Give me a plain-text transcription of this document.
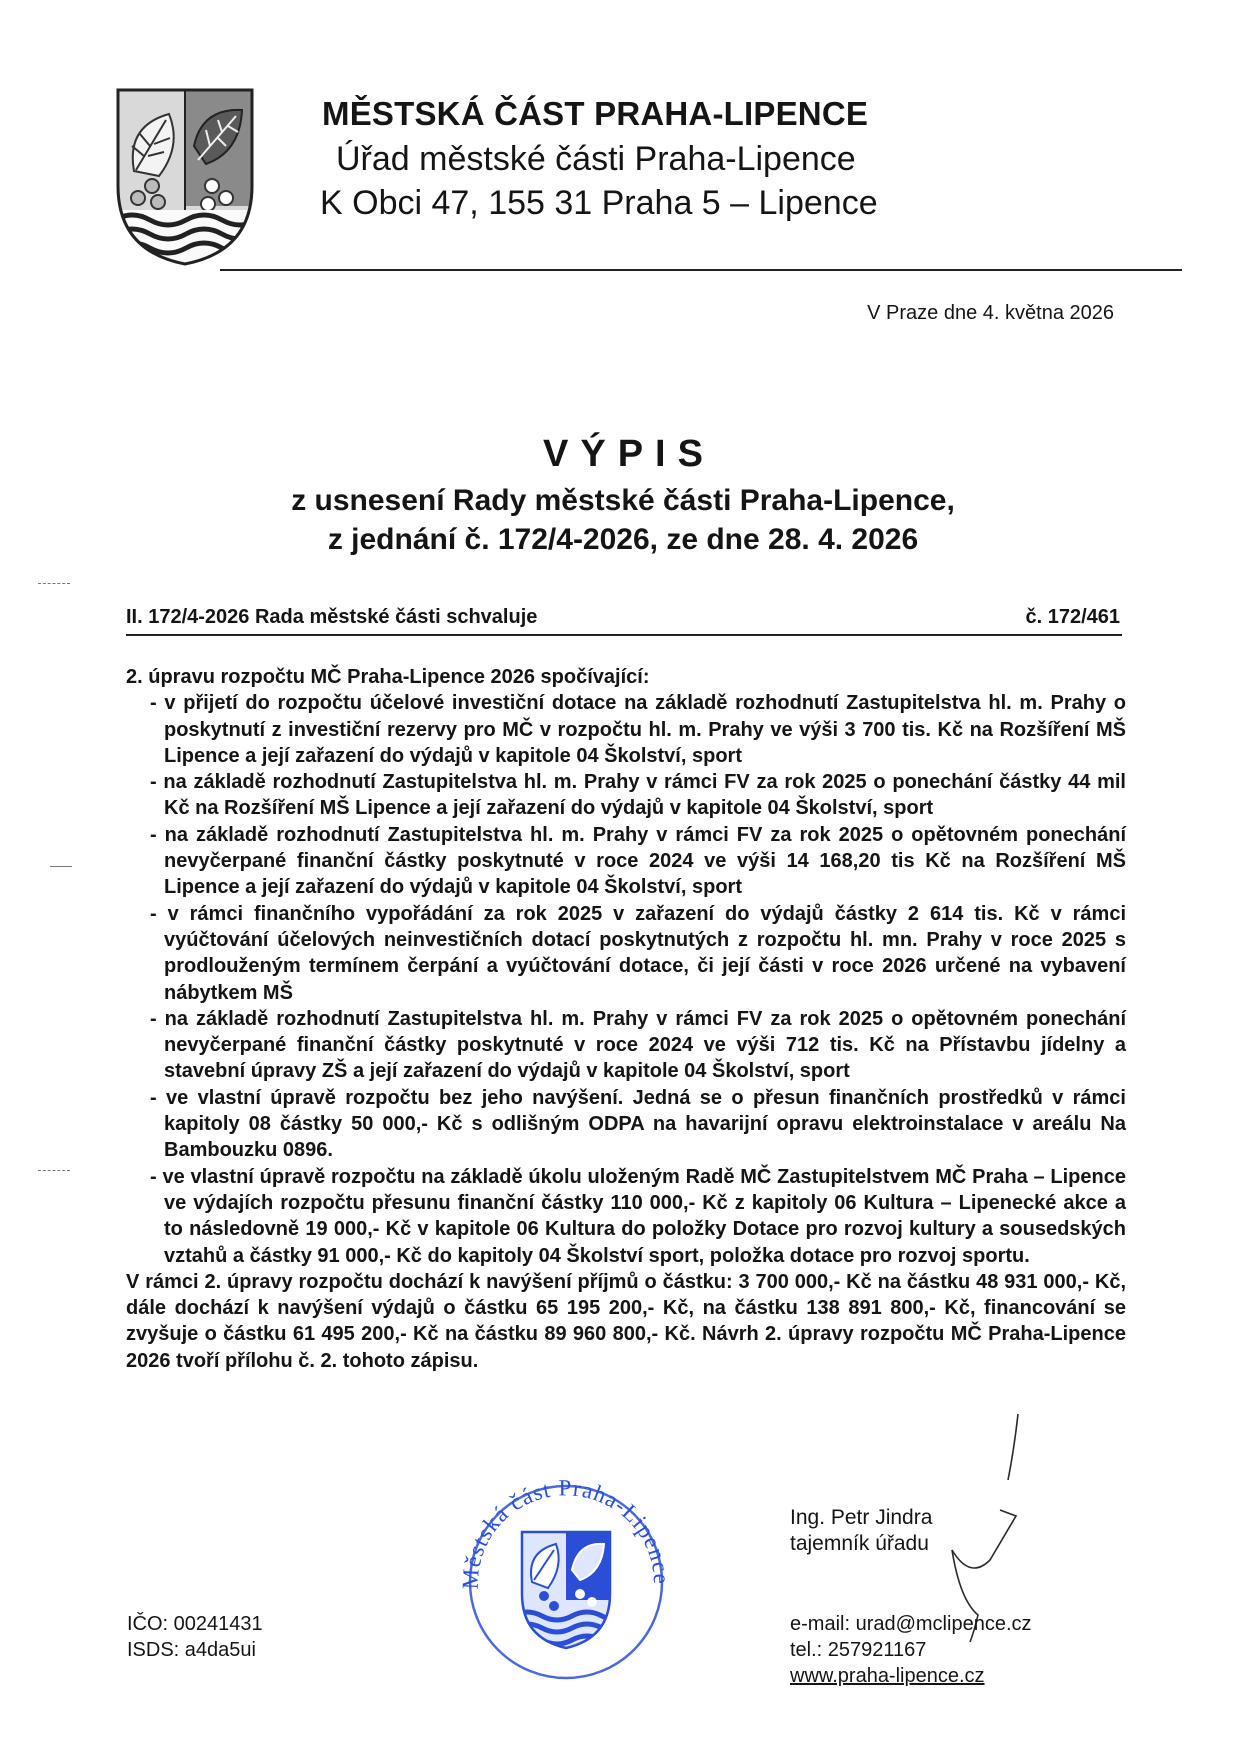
MĚSTSKÁ ČÁST PRAHA-LIPENCE
Úřad městské části Praha-Lipence
K Obci 47, 155 31 Praha 5 – Lipence
V Praze dne 4. května 2026
VÝPIS
z usnesení Rady městské části Praha-Lipence,
z jednání č. 172/4-2026, ze dne 28. 4. 2026
II. 172/4-2026 Rada městské části schvaluje	č. 172/461

2. úpravu rozpočtu MČ Praha-Lipence 2026 spočívající:

- v přijetí do rozpočtu účelové investiční dotace na základě rozhodnutí Zastupitelstva hl. m. Prahy o poskytnutí z investiční rezervy pro MČ v rozpočtu hl. m. Prahy ve výši 3 700 tis. Kč na Rozšíření MŠ Lipence a její zařazení do výdajů v kapitole 04 Školství, sport

- na základě rozhodnutí Zastupitelstva hl. m. Prahy v rámci FV za rok 2025 o ponechání částky 44 mil Kč na Rozšíření MŠ Lipence a její zařazení do výdajů v kapitole 04 Školství, sport

- na základě rozhodnutí Zastupitelstva hl. m. Prahy v rámci FV za rok 2025 o opětovném ponechání nevyčerpané finanční částky poskytnuté v roce 2024 ve výši 14 168,20 tis Kč na Rozšíření MŠ Lipence a její zařazení do výdajů v kapitole 04 Školství, sport

- v rámci finančního vypořádání za rok 2025 v zařazení do výdajů částky 2 614 tis. Kč v rámci vyúčtování účelových neinvestičních dotací poskytnutých z rozpočtu hl. mn. Prahy v roce 2025 s prodlouženým termínem čerpání a vyúčtování dotace, či její části v roce 2026 určené na vybavení nábytkem MŠ

- na základě rozhodnutí Zastupitelstva hl. m. Prahy v rámci FV za rok 2025 o opětovném ponechání nevyčerpané finanční částky poskytnuté v roce 2024 ve výši 712 tis. Kč na Přístavbu jídelny a stavební úpravy ZŠ a její zařazení do výdajů v kapitole 04 Školství, sport

- ve vlastní úpravě rozpočtu bez jeho navýšení. Jedná se o přesun finančních prostředků v rámci kapitoly 08 částky 50 000,- Kč s odlišným ODPA na havarijní opravu elektroinstalace v areálu Na Bambouzku 0896.

- ve vlastní úpravě rozpočtu na základě úkolu uloženým Radě MČ Zastupitelstvem MČ Praha – Lipence ve výdajích rozpočtu přesunu finanční částky 110 000,- Kč z kapitoly 06 Kultura – Lipenecké akce a to následovně 19 000,- Kč v kapitole 06 Kultura do položky Dotace pro rozvoj kultury a sousedských vztahů a částky 91 000,- Kč do kapitoly 04 Školství sport, položka dotace pro rozvoj sportu.

V rámci 2. úpravy rozpočtu dochází k navýšení příjmů o částku: 3 700 000,- Kč na částku 48 931 000,- Kč, dále dochází k navýšení výdajů o částku 65 195 200,- Kč, na částku 138 891 800,- Kč, financování se zvyšuje o částku 61 495 200,- Kč na částku 89 960 800,- Kč. Návrh 2. úpravy rozpočtu MČ Praha-Lipence 2026 tvoří přílohu č. 2. tohoto zápisu.

IČO: 00241431
ISDS: a4da5ui
Městská část Praha-Lipence
Ing. Petr Jindra
tajemník úřadu
e-mail: urad@mclipence.cz
tel.: 257921167
www.praha-lipence.cz
